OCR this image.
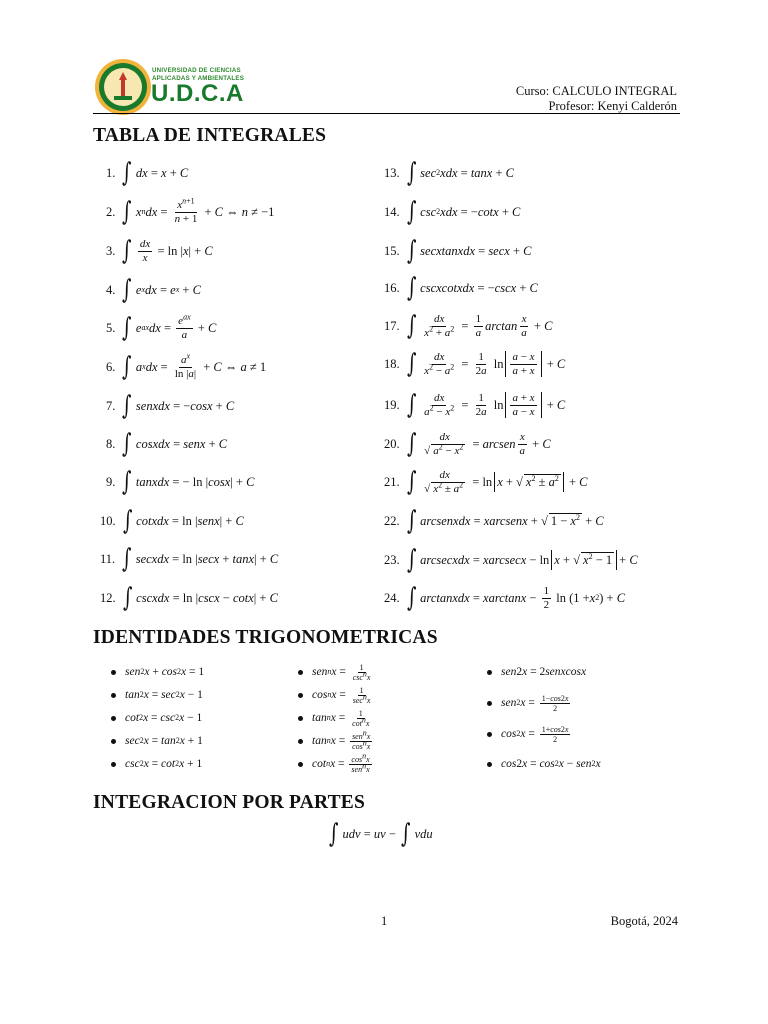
UNIVERSIDAD DE CIENCIAS
APLICADAS Y AMBIENTALES
U.D.C.A	Curso: CALCULO INTEGRAL
Profesor: Kenyi Calderón
TABLA DE INTEGRALES
1. ∫ dx = x + C
2. ∫ x n dx = $x^{n+1}$
n + 1 + C ⇔ n ≠ −1
3. ∫ dx
x = ln | x | + C
4. ∫ e x dx = e x + C
5. ∫ e ax dx = $e^{ax}$
a + C
6. ∫ a x dx = $a^x$
ln |a| + C ⇔ a ≠ 1
7. ∫ senxdx = − cosx + C
8. ∫ cosxdx = senx + C
9. ∫ tanxdx = − ln | cosx | + C
10. ∫ cotxdx = ln | senx | + C
11. ∫ secxdx = ln | secx + tanx | + C
12. ∫ cscxdx = ln | cscx − cotx | + C
13. ∫ sec 2 xdx = tanx + C
14. ∫ csc 2 xdx = − cotx + C
15. ∫ secxtanxdx = secx + C
16. ∫ cscxcotxdx = − cscx + C
17. ∫ dx
$x^2 + a^2 = 1$
a arctan x
a + C
18. ∫ dx
$x^2 - a^2 = 1$
2a ln a − x
a + x + C
19. ∫ dx
$a^2 - x^2 = 1$
2a ln a + x
a − x + C
20. ∫ dx
√ $a^2 - x^2$ = arcsen x
a + C
21. ∫ dx
√ $x^2 \pm a^2 = \ln x$ + √ $x^2 \pm a^2 + C$
22. ∫ arcsenxdx = xarcsenx + √ $1 - x^2 + C$
23. ∫ arcsecxdx = xarcsecx − ln x + √ $x^2 - 1 + C$
24. ∫ arctanxdx = xarctanx − 1
2 ln (1 + x 2 ) + C
IDENTIDADES TRIGONOMETRICAS
sen 2 x + cos 2 x = 1
tan 2 x = sec 2 x − 1
cot 2 x = csc 2 x − 1
sec 2 x = tan 2 x + 1
csc 2 x = cot 2 x + 1
sen n x = 1
$\csc^nx$
cos n x = 1
$\sec^nx$
tan n x = 1
$\cot^nx$
tan n x = sen$^n$x
$\cos^nx$
cot n $x = \cos^nx$
sen$^n$x
sen 2 x = 2 senxcosx
sen 2 x = 1−cos2x
2
cos 2 x = 1+cos2x
2
cos 2 x = cos 2 x − sen 2 x
INTEGRACION POR PARTES
∫ udv = uv − ∫ vdu
1	Bogotá, 2024
